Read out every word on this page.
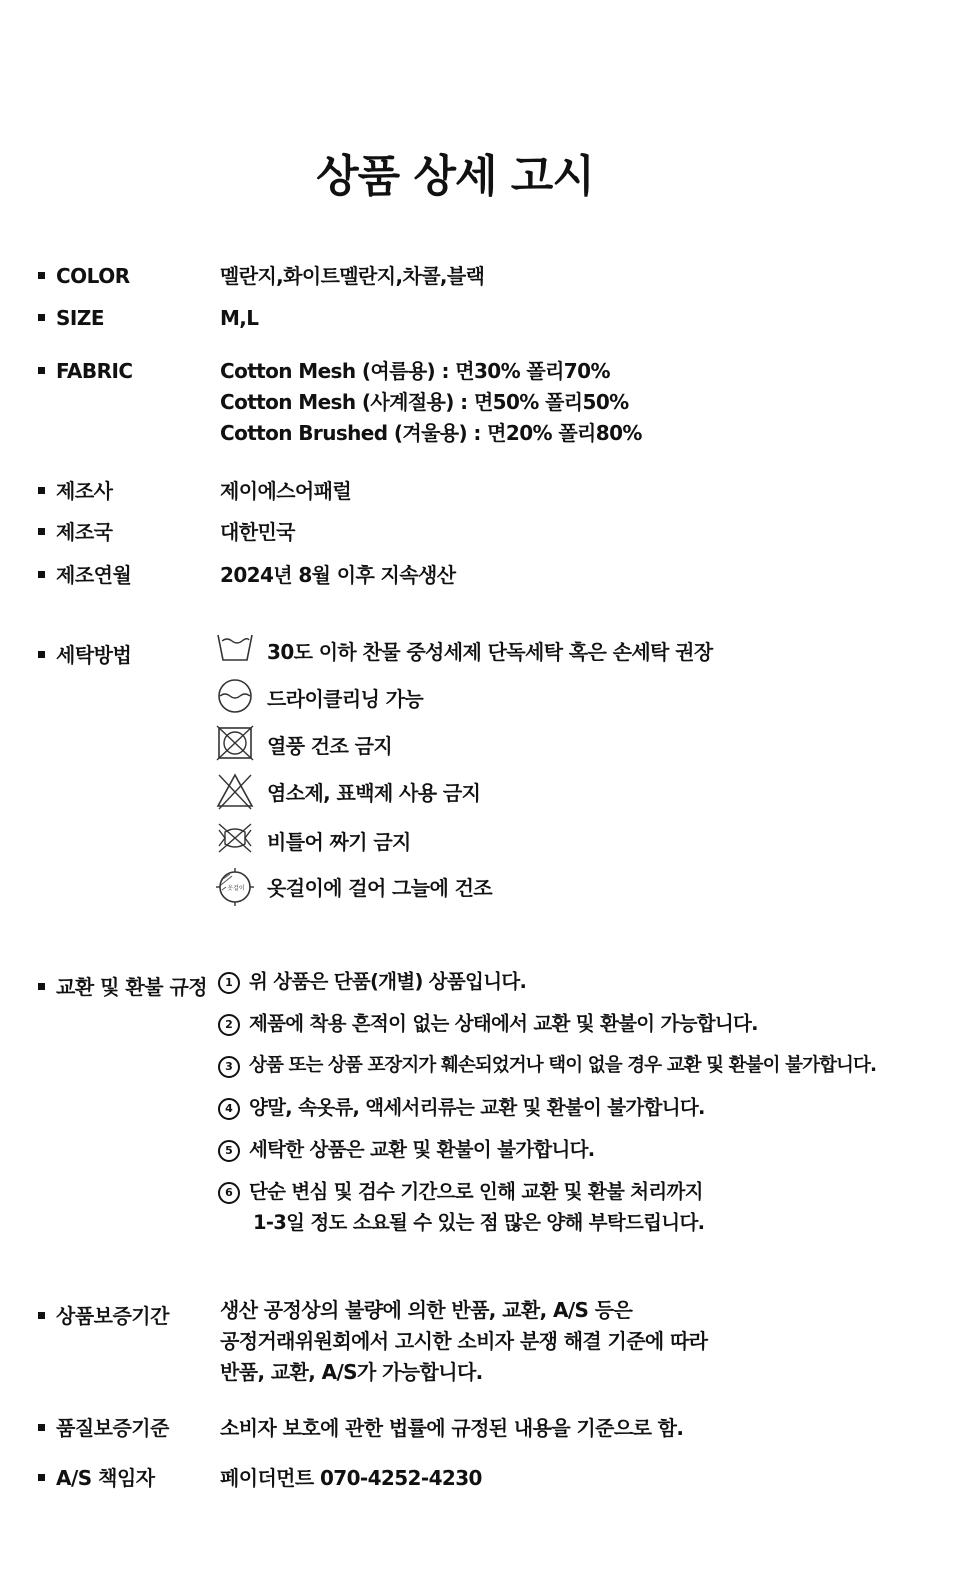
상품 상세 고시
COLOR	멜란지,화이트멜란지,차콜,블랙
SIZE	M,L
FABRIC	Cotton Mesh (여름용) : 면30% 폴리70%
Cotton Mesh (사계절용) : 면50% 폴리50%
Cotton Brushed (겨울용) : 면20% 폴리80%
제조사	제이에스어패럴
제조국	대한민국
제조연월	2024년 8월 이후 지속생산
세탁방법	30도 이하 찬물 중성세제 단독세탁 혹은 손세탁 권장
드라이클리닝 가능
열풍 건조 금지
염소제, 표백제 사용 금지
비틀어 짜기 금지
옷걸이 옷걸이에 걸어 그늘에 건조
교환 및 환불 규정	1 위 상품은 단품(개별) 상품입니다.
2 제품에 착용 흔적이 없는 상태에서 교환 및 환불이 가능합니다.
3 상품 또는 상품 포장지가 훼손되었거나 택이 없을 경우 교환 및 환불이 불가합니다.
4 양말, 속옷류, 액세서리류는 교환 및 환불이 불가합니다.
5 세탁한 상품은 교환 및 환불이 불가합니다.
6 단순 변심 및 검수 기간으로 인해 교환 및 환불 처리까지
1-3일 정도 소요될 수 있는 점 많은 양해 부탁드립니다.
상품보증기간	생산 공정상의 불량에 의한 반품, 교환, A/S 등은
공정거래위원회에서 고시한 소비자 분쟁 해결 기준에 따라
반품, 교환, A/S가 가능합니다.
품질보증기준	소비자 보호에 관한 법률에 규정된 내용을 기준으로 함.
A/S 책임자	페이더먼트 070-4252-4230
